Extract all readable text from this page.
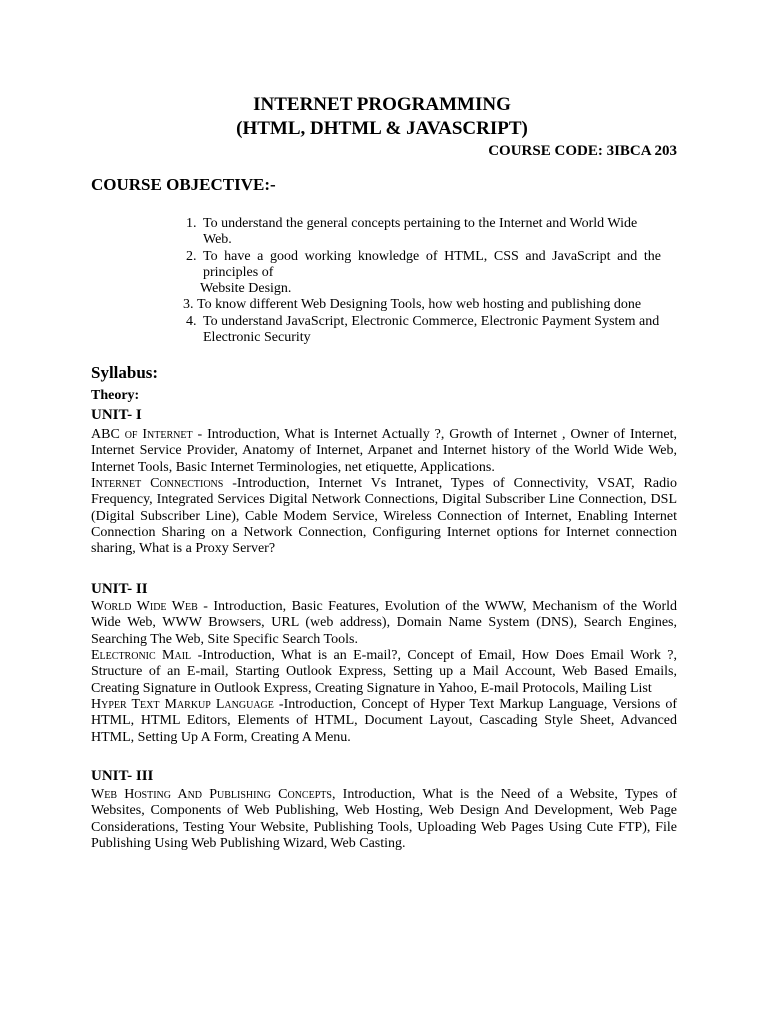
INTERNET PROGRAMMING
(HTML, DHTML & JAVASCRIPT)
COURSE CODE: 3IBCA 203
COURSE OBJECTIVE:-
1. To understand the general concepts pertaining to the Internet and World Wide
Web.
2. To have a good working knowledge of HTML, CSS and JavaScript and the principles of
Website Design.
3. To know different Web Designing Tools, how web hosting and publishing done
4. To understand JavaScript, Electronic Commerce, Electronic Payment System and
Electronic Security
Syllabus:
Theory:
UNIT- I

ABC of Internet - Introduction, What is Internet Actually ?, Growth of Internet , Owner of Internet, Internet Service Provider, Anatomy of Internet, Arpanet and Internet history of the World Wide Web, Internet Tools, Basic Internet Terminologies, net etiquette, Applications.

Internet Connections -Introduction, Internet Vs Intranet, Types of Connectivity, VSAT, Radio Frequency, Integrated Services Digital Network Connections, Digital Subscriber Line Connection, DSL (Digital Subscriber Line), Cable Modem Service, Wireless Connection of Internet, Enabling Internet Connection Sharing on a Network Connection, Configuring Internet options for Internet connection sharing, What is a Proxy Server?

UNIT- II

World Wide Web - Introduction, Basic Features, Evolution of the WWW, Mechanism of the World Wide Web, WWW Browsers, URL (web address), Domain Name System (DNS), Search Engines, Searching The Web, Site Specific Search Tools.

Electronic Mail -Introduction, What is an E-mail?, Concept of Email, How Does Email Work ?, Structure of an E-mail, Starting Outlook Express, Setting up a Mail Account, Web Based Emails, Creating Signature in Outlook Express, Creating Signature in Yahoo, E-mail Protocols, Mailing List

Hyper Text Markup Language -Introduction, Concept of Hyper Text Markup Language, Versions of HTML, HTML Editors, Elements of HTML, Document Layout, Cascading Style Sheet, Advanced HTML, Setting Up A Form, Creating A Menu.

UNIT- III

Web Hosting And Publishing Concepts, Introduction, What is the Need of a Website, Types of Websites, Components of Web Publishing, Web Hosting, Web Design And Development, Web Page Considerations, Testing Your Website, Publishing Tools, Uploading Web Pages Using Cute FTP), File Publishing Using Web Publishing Wizard, Web Casting.
